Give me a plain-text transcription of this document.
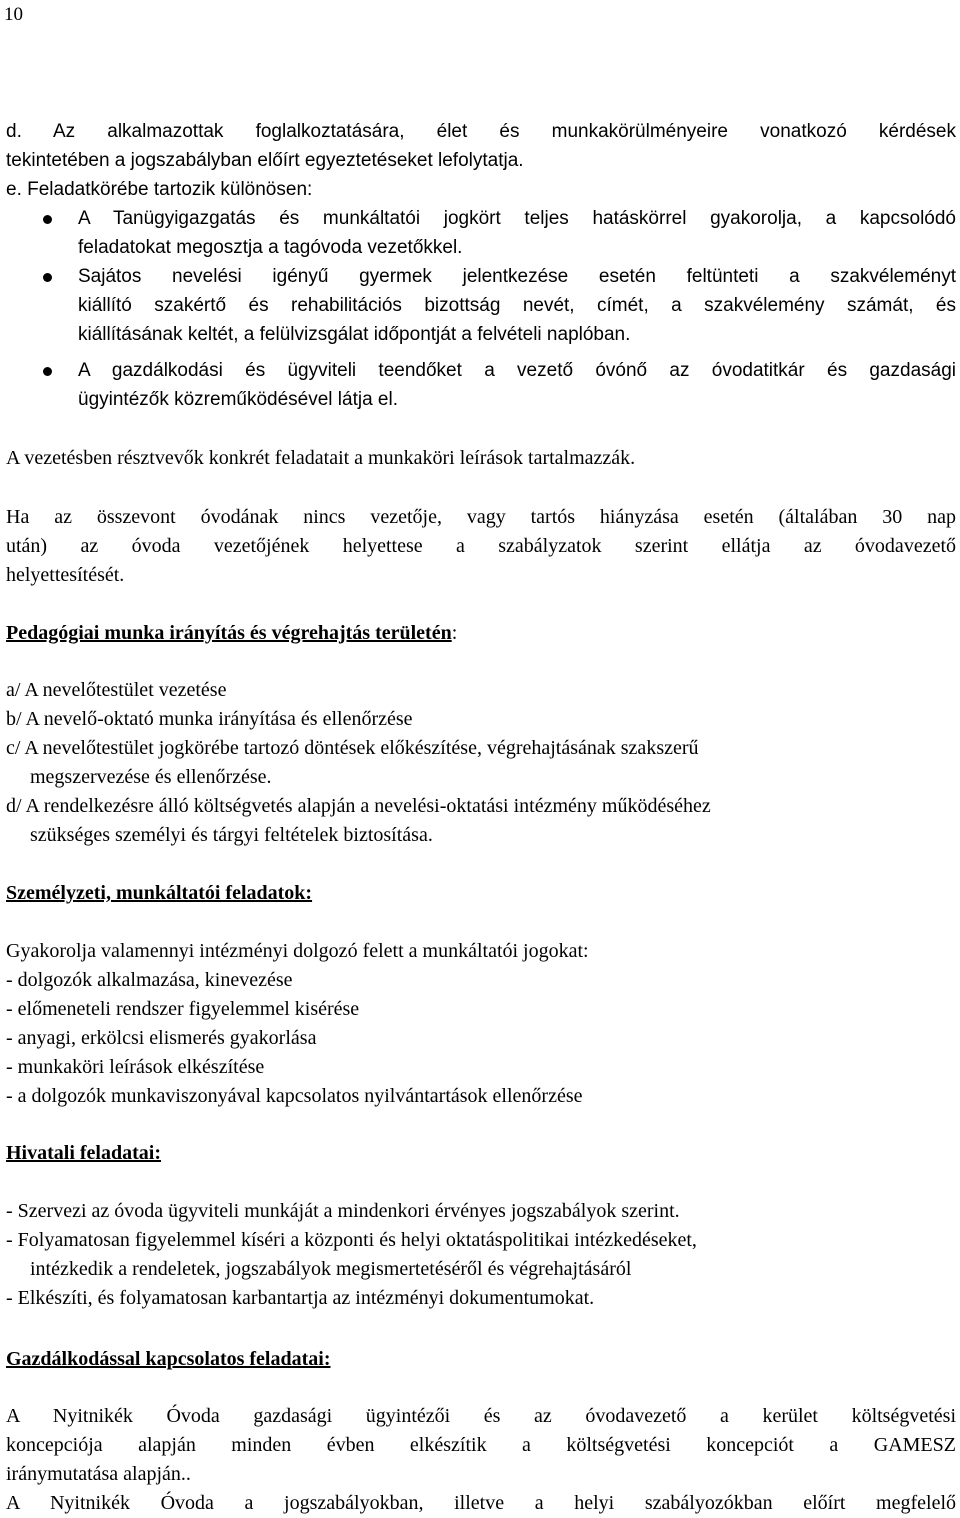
10
d. Az alkalmazottak foglalkoztatására, élet és munkakörülményeire vonatkozó kérdések
tekintetében a jogszabályban előírt egyeztetéseket lefolytatja.
e. Feladatkörébe tartozik különösen:
A Tanügyigazgatás és munkáltatói jogkört teljes hatáskörrel gyakorolja, a kapcsolódó
feladatokat megosztja a tagóvoda vezetőkkel.
Sajátos nevelési igényű gyermek jelentkezése esetén feltünteti a szakvéleményt
kiállító szakértő és rehabilitációs bizottság nevét, címét, a szakvélemény számát, és
kiállításának keltét, a felülvizsgálat időpontját a felvételi naplóban.
A gazdálkodási és ügyviteli teendőket a vezető óvónő az óvodatitkár és gazdasági
ügyintézők közreműködésével látja el.
A vezetésben résztvevők konkrét feladatait a munkaköri leírások tartalmazzák.
Ha az összevont óvodának nincs vezetője, vagy tartós hiányzása esetén (általában 30 nap
után) az óvoda vezetőjének helyettese a szabályzatok szerint ellátja az óvodavezető
helyettesítését.
Pedagógiai munka irányítás és végrehajtás területén:
a/ A nevelőtestület vezetése
b/ A nevelő-oktató munka irányítása és ellenőrzése
c/ A nevelőtestület jogkörébe tartozó döntések előkészítése, végrehajtásának szakszerű
megszervezése és ellenőrzése.
d/ A rendelkezésre álló költségvetés alapján a nevelési-oktatási intézmény működéséhez
szükséges személyi és tárgyi feltételek biztosítása.
Személyzeti, munkáltatói feladatok:
Gyakorolja valamennyi intézményi dolgozó felett a munkáltatói jogokat:
- dolgozók alkalmazása, kinevezése
- előmeneteli rendszer figyelemmel kisérése
- anyagi, erkölcsi elismerés gyakorlása
- munkaköri leírások elkészítése
- a dolgozók munkaviszonyával kapcsolatos nyilvántartások ellenőrzése
Hivatali feladatai:
- Szervezi az óvoda ügyviteli munkáját a mindenkori érvényes jogszabályok szerint.
- Folyamatosan figyelemmel kíséri a központi és helyi oktatáspolitikai intézkedéseket,
intézkedik a rendeletek, jogszabályok megismertetéséről és végrehajtásáról
- Elkészíti, és folyamatosan karbantartja az intézményi dokumentumokat.
Gazdálkodással kapcsolatos feladatai:
A Nyitnikék Óvoda gazdasági ügyintézői és az óvodavezető a kerület költségvetési
koncepciója alapján minden évben elkészítik a költségvetési koncepciót a GAMESZ
iránymutatása alapján..
A Nyitnikék Óvoda a jogszabályokban, illetve a helyi szabályozókban előírt megfelelő
